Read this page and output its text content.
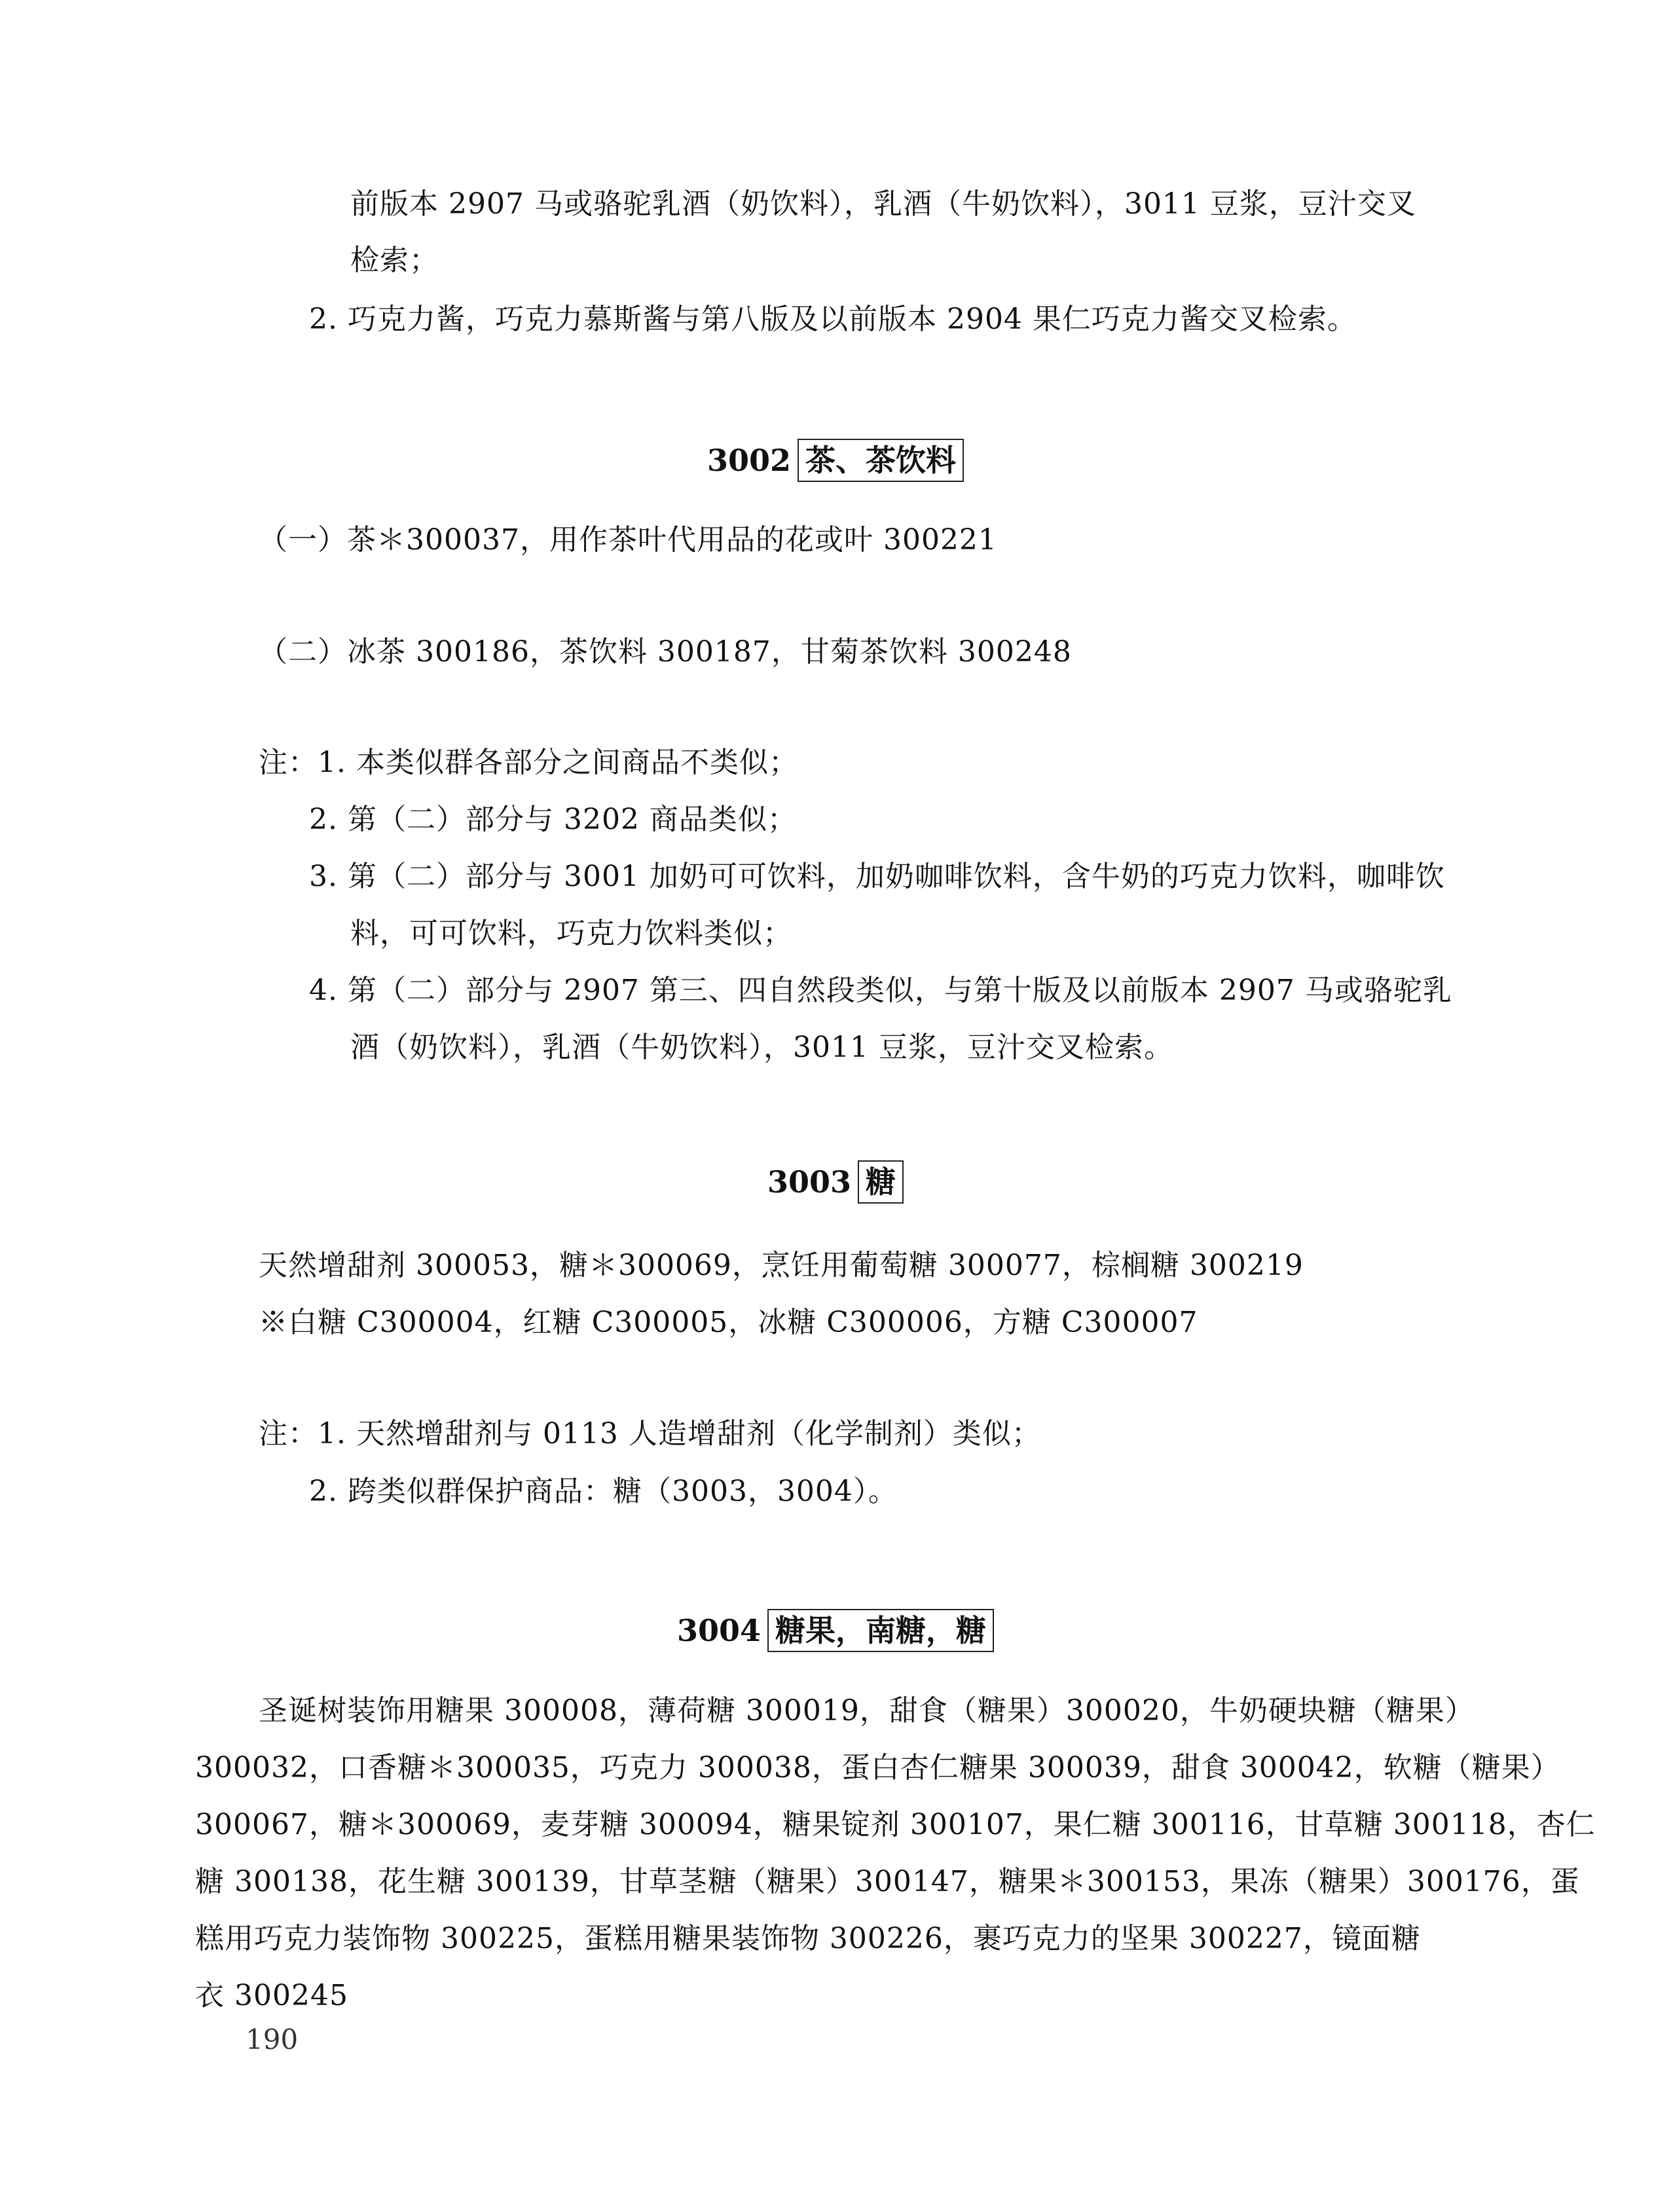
前版本 2907 马或骆驼乳酒（奶饮料），乳酒（牛奶饮料），3011 豆浆，豆汁交叉
检索；
2. 巧克力酱，巧克力慕斯酱与第八版及以前版本 2904 果仁巧克力酱交叉检索。
3002 茶、茶饮料
（一）茶＊300037，用作茶叶代用品的花或叶 300221
（二）冰茶 300186，茶饮料 300187，甘菊茶饮料 300248
注：1. 本类似群各部分之间商品不类似；
2. 第（二）部分与 3202 商品类似；
3. 第（二）部分与 3001 加奶可可饮料，加奶咖啡饮料，含牛奶的巧克力饮料，咖啡饮
料，可可饮料，巧克力饮料类似；
4. 第（二）部分与 2907 第三、四自然段类似，与第十版及以前版本 2907 马或骆驼乳
酒（奶饮料），乳酒（牛奶饮料），3011 豆浆，豆汁交叉检索。
3003 糖
天然增甜剂 300053，糖＊300069，烹饪用葡萄糖 300077，棕榈糖 300219
※白糖 C300004，红糖 C300005，冰糖 C300006，方糖 C300007
注：1. 天然增甜剂与 0113 人造增甜剂（化学制剂）类似；
2. 跨类似群保护商品：糖（3003，3004）。
3004 糖果，南糖，糖
圣诞树装饰用糖果 300008，薄荷糖 300019，甜食（糖果）300020，牛奶硬块糖（糖果）
300032，口香糖＊300035，巧克力 300038，蛋白杏仁糖果 300039，甜食 300042，软糖（糖果）
300067，糖＊300069，麦芽糖 300094，糖果锭剂 300107，果仁糖 300116，甘草糖 300118，杏仁
糖 300138，花生糖 300139，甘草茎糖（糖果）300147，糖果＊300153，果冻（糖果）300176，蛋
糕用巧克力装饰物 300225，蛋糕用糖果装饰物 300226，裹巧克力的坚果 300227，镜面糖
衣 300245
190
